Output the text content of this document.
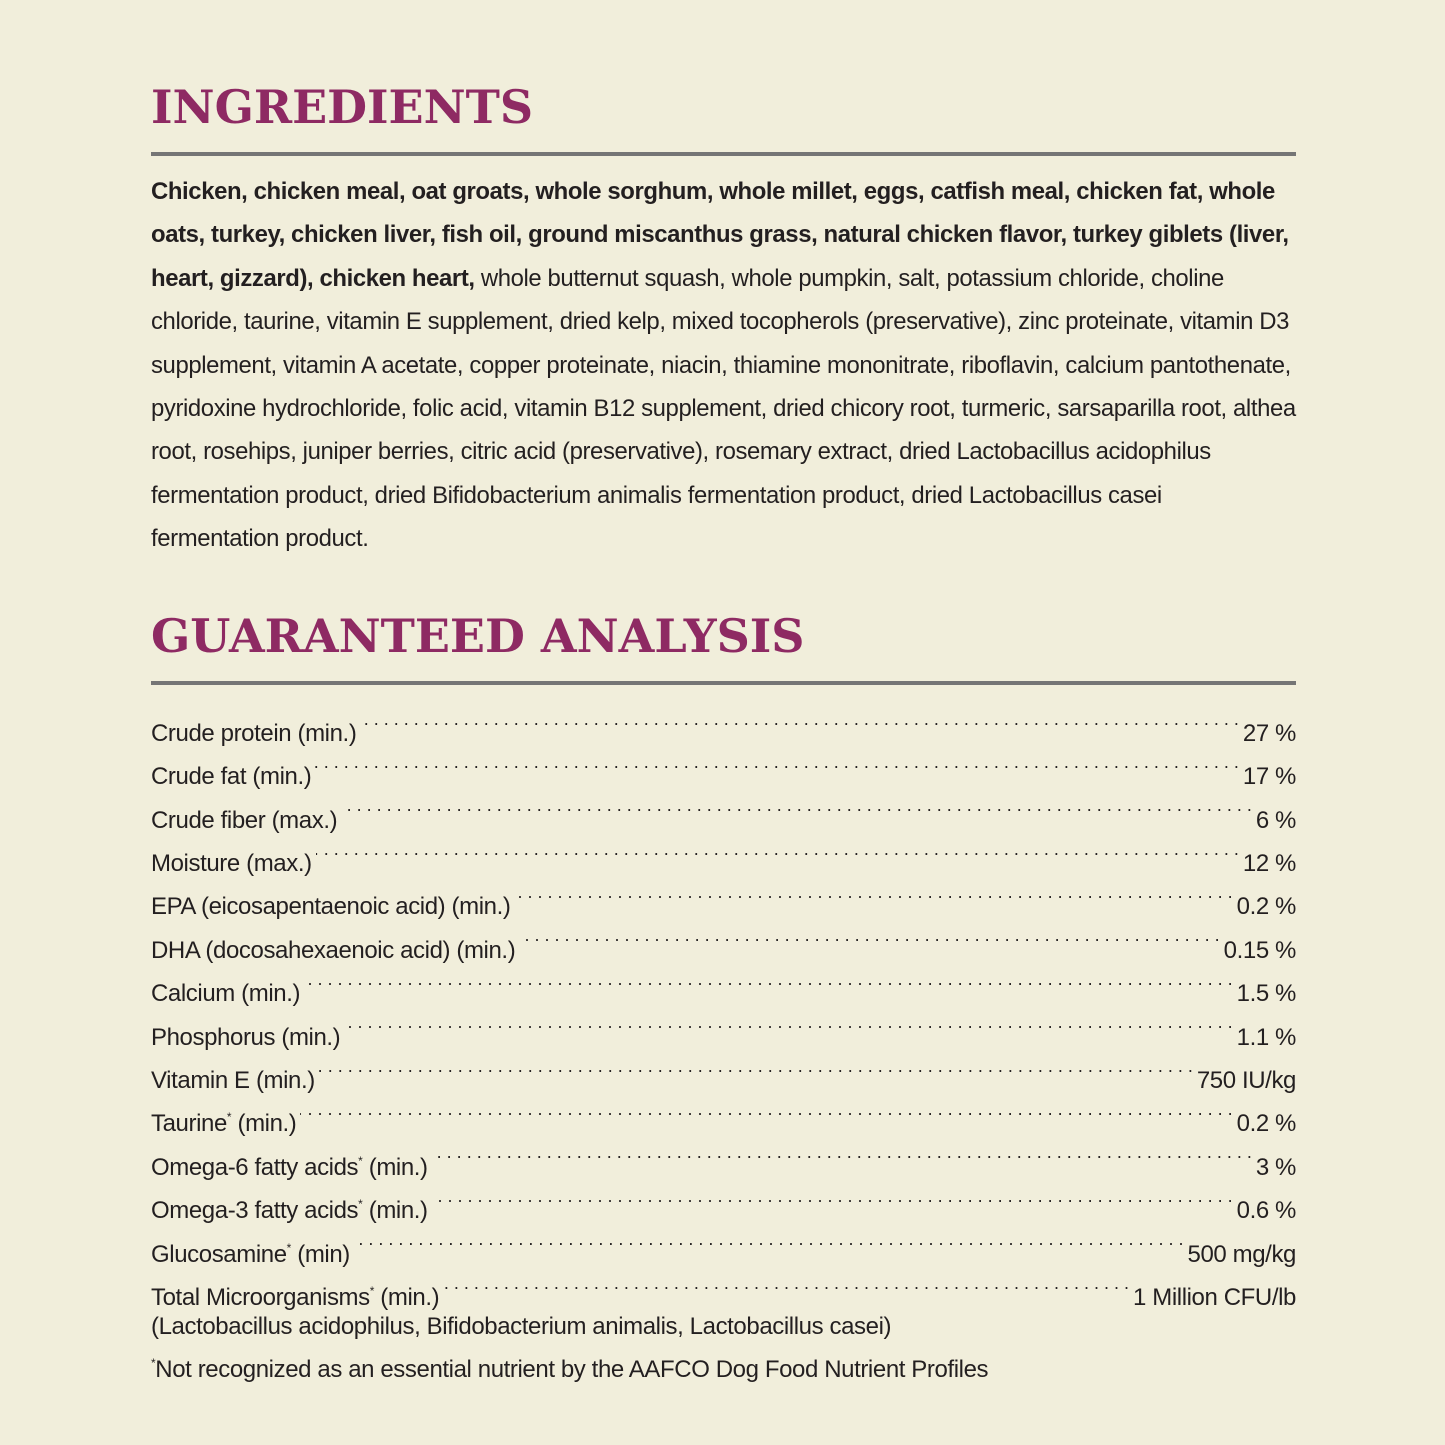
INGREDIENTS
Chicken, chicken meal, oat groats, whole sorghum, whole millet, eggs, catfish meal, chicken fat, whole
oats, turkey, chicken liver, fish oil, ground miscanthus grass, natural chicken flavor, turkey giblets (liver,
heart, gizzard), chicken heart, whole butternut squash, whole pumpkin, salt, potassium chloride, choline
chloride, taurine, vitamin E supplement, dried kelp, mixed tocopherols (preservative), zinc proteinate, vitamin D3
supplement, vitamin A acetate, copper proteinate, niacin, thiamine mononitrate, riboflavin, calcium pantothenate,
pyridoxine hydrochloride, folic acid, vitamin B12 supplement, dried chicory root, turmeric, sarsaparilla root, althea
root, rosehips, juniper berries, citric acid (preservative), rosemary extract, dried Lactobacillus acidophilus
fermentation product, dried Bifidobacterium animalis fermentation product, dried Lactobacillus casei
fermentation product.
GUARANTEED ANALYSIS
Crude protein (min.) . . .	27 %
Crude fat (min.) . . .	17 %
Crude fiber (max.) . . .	6 %
Moisture (max.) . . .	12 %
EPA (eicosapentaenoic acid) (min.) . . .	0.2 %
DHA (docosahexaenoic acid) (min.) . . .	0.15 %
Calcium (min.) . . .	1.5 %
Phosphorus (min.) . . .	1.1 %
Vitamin E (min.) . . .	750 IU/kg
Taurine* (min.) . . .	0.2 %
Omega-6 fatty acids* (min.) . . .	3 %
Omega-3 fatty acids* (min.) . . .	0.6 %
Glucosamine* (min) . . .	500 mg/kg
Total Microorganisms* (min.) . . .	1 Million CFU/lb
(Lactobacillus acidophilus, Bifidobacterium animalis, Lactobacillus casei)
*Not recognized as an essential nutrient by the AAFCO Dog Food Nutrient Profiles
